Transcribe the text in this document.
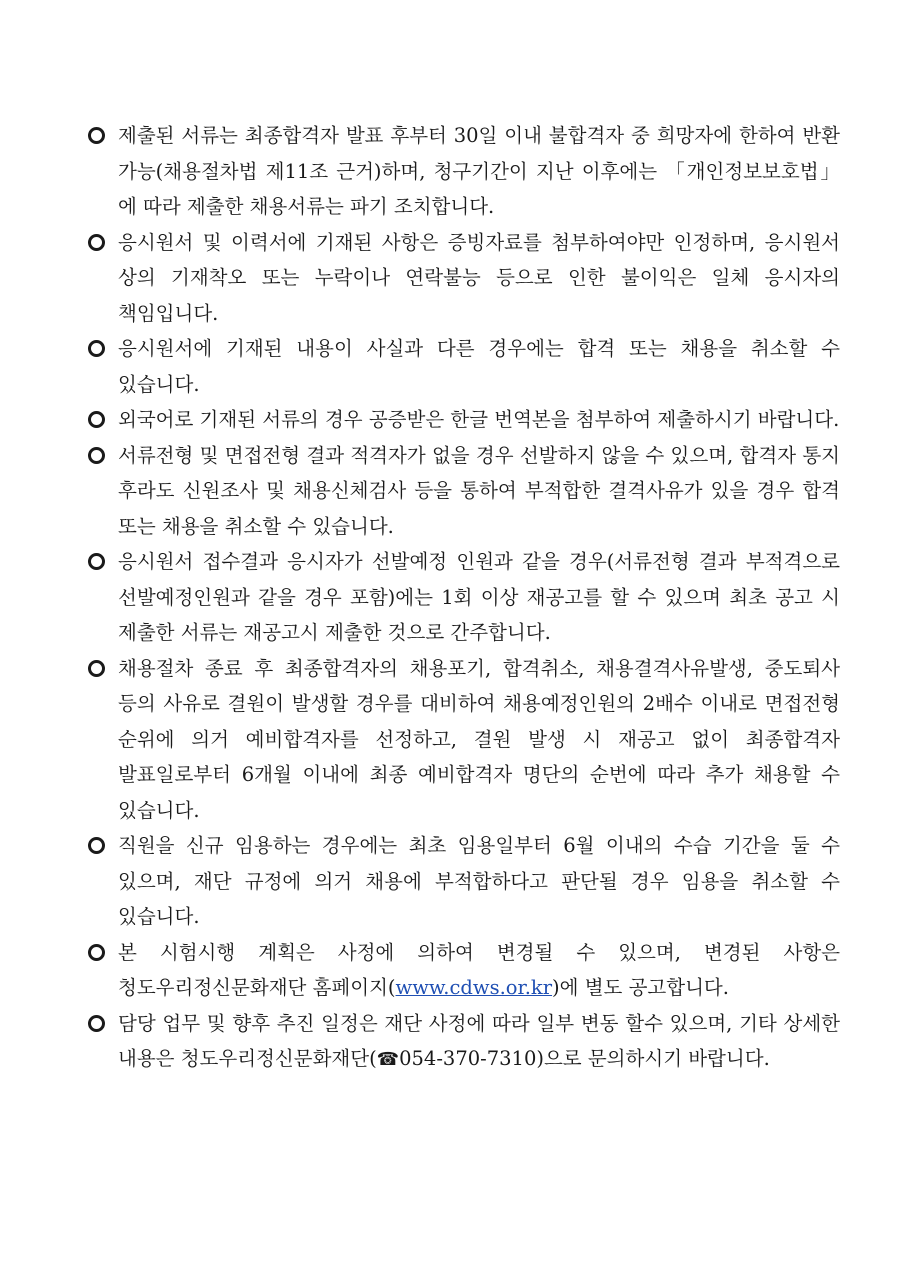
제출된 서류는 최종합격자 발표 후부터 30일 이내 불합격자 중 희망자에 한하여 반환 가능(채용절차법 제11조 근거)하며, 청구기간이 지난 이후에는 「개인정보보호법」에 따라 제출한 채용서류는 파기 조치합니다.
응시원서 및 이력서에 기재된 사항은 증빙자료를 첨부하여야만 인정하며, 응시원서 상의 기재착오 또는 누락이나 연락불능 등으로 인한 불이익은 일체 응시자의 책임입니다.
응시원서에 기재된 내용이 사실과 다른 경우에는 합격 또는 채용을 취소할 수 있습니다.
외국어로 기재된 서류의 경우 공증받은 한글 번역본을 첨부하여 제출하시기 바랍니다.
서류전형 및 면접전형 결과 적격자가 없을 경우 선발하지 않을 수 있으며, 합격자 통지 후라도 신원조사 및 채용신체검사 등을 통하여 부적합한 결격사유가 있을 경우 합격 또는 채용을 취소할 수 있습니다.
응시원서 접수결과 응시자가 선발예정 인원과 같을 경우(서류전형 결과 부적격으로 선발예정인원과 같을 경우 포함)에는 1회 이상 재공고를 할 수 있으며 최초 공고 시 제출한 서류는 재공고시 제출한 것으로 간주합니다.
채용절차 종료 후 최종합격자의 채용포기, 합격취소, 채용결격사유발생, 중도퇴사 등의 사유로 결원이 발생할 경우를 대비하여 채용예정인원의 2배수 이내로 면접전형 순위에 의거 예비합격자를 선정하고, 결원 발생 시 재공고 없이 최종합격자 발표일로부터 6개월 이내에 최종 예비합격자 명단의 순번에 따라 추가 채용할 수 있습니다.
직원을 신규 임용하는 경우에는 최초 임용일부터 6월 이내의 수습 기간을 둘 수 있으며, 재단 규정에 의거 채용에 부적합하다고 판단될 경우 임용을 취소할 수 있습니다.
본 시험시행 계획은 사정에 의하여 변경될 수 있으며, 변경된 사항은 청도우리정신문화재단 홈페이지(www.cdws.or.kr)에 별도 공고합니다.
담당 업무 및 향후 추진 일정은 재단 사정에 따라 일부 변동 할수 있으며, 기타 상세한 내용은 청도우리정신문화재단(☎054-370-7310)으로 문의하시기 바랍니다.
